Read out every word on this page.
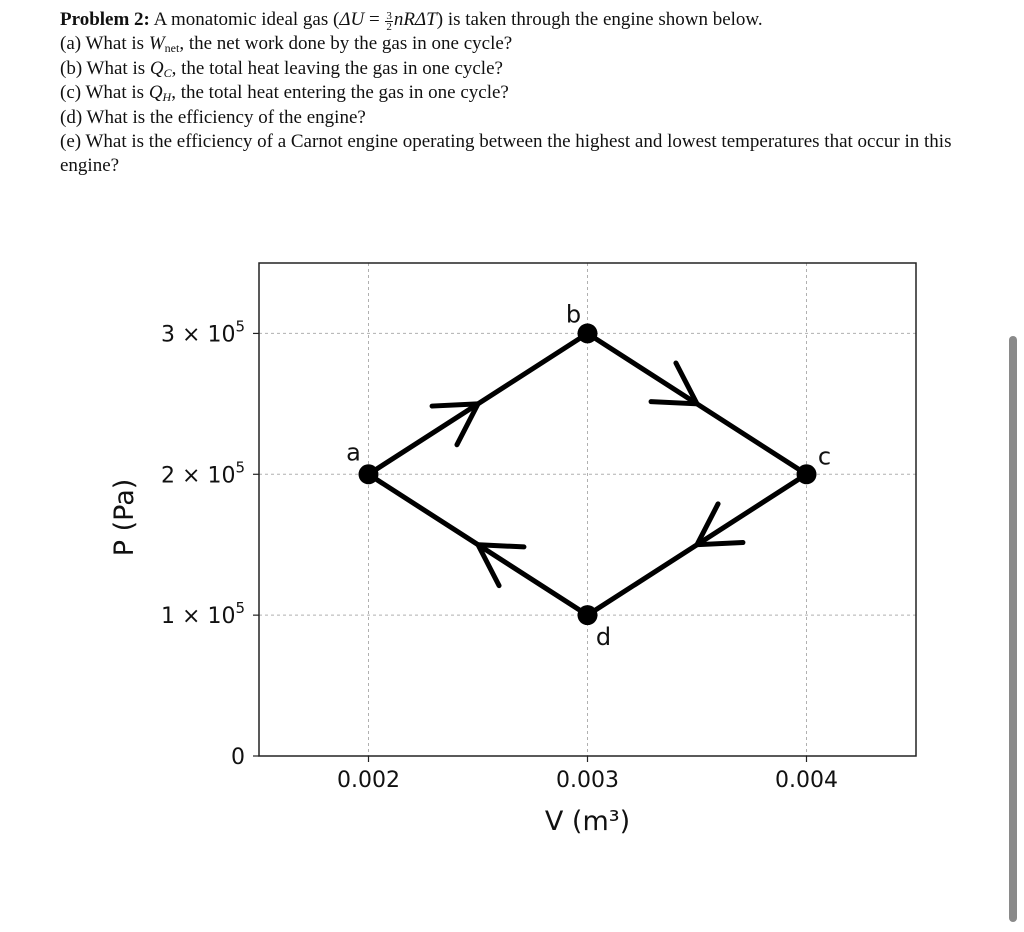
Problem 2: A monatomic ideal gas $(\Delta U = \frac{3}{2} nR\Delta T)$ is taken through the engine shown below.
(a) What is $W_{net}$, the net work done by the gas in one cycle?
(b) What is $Q_C$, the total heat leaving the gas in one cycle?
(c) What is $Q_H$, the total heat entering the gas in one cycle?
(d) What is the efficiency of the engine?
(e) What is the efficiency of a Carnot engine operating between the highest and lowest temperatures that occur in this engine?
0.002	0.003	0.004
0
$1 \times 10^5$
$2 \times 10^5$
$3 \times 10^5$
V (m³)
P (Pa)
a
b
c
d
